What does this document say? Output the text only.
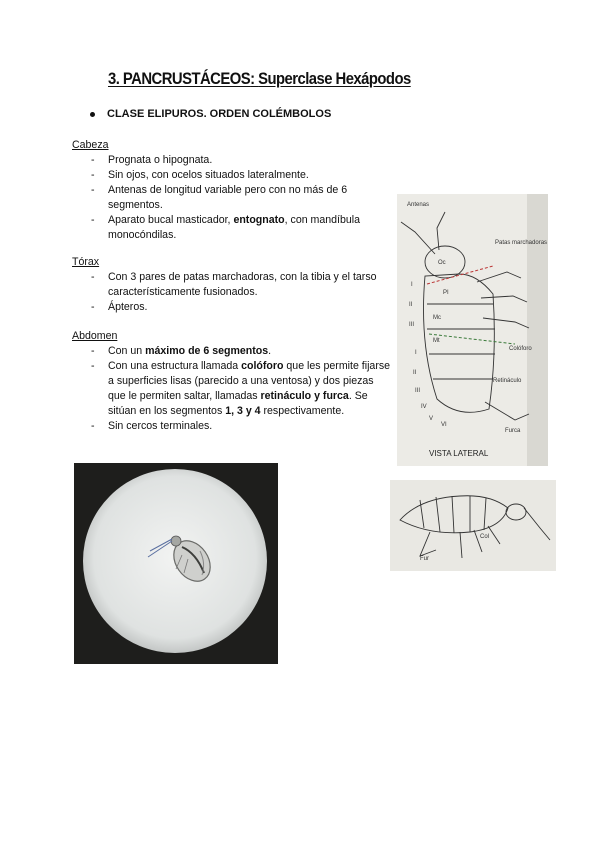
3. PANCRUSTÁCEOS: Superclase Hexápodos
CLASE ELIPUROS. ORDEN COLÉMBOLOS
Cabeza
- Prognata o hipognata.
- Sin ojos, con ocelos situados lateralmente.
- Antenas de longitud variable pero con no más de 6 segmentos.
- Aparato bucal masticador, entognato, con mandíbula monocóndilas.
Tórax
- Con 3 pares de patas marchadoras, con la tibia y el tarso característicamente fusionados.
- Ápteros.
Abdomen
- Con un máximo de 6 segmentos.
- Con una estructura llamada colóforo que les permite fijarse a superficies lisas (parecido a una ventosa) y dos piezas que le permiten saltar, llamadas retináculo y furca. Se sitúan en los segmentos 1, 3 y 4 respectivamente.
- Sin cercos terminales.
Antenas
Oc
Patas marchadoras
PI
Mc
Mt
Colóforo
Retináculo
Furca
I
II
III
I
II
III
IV
V
VI
VISTA LATERAL
Fur
Col
